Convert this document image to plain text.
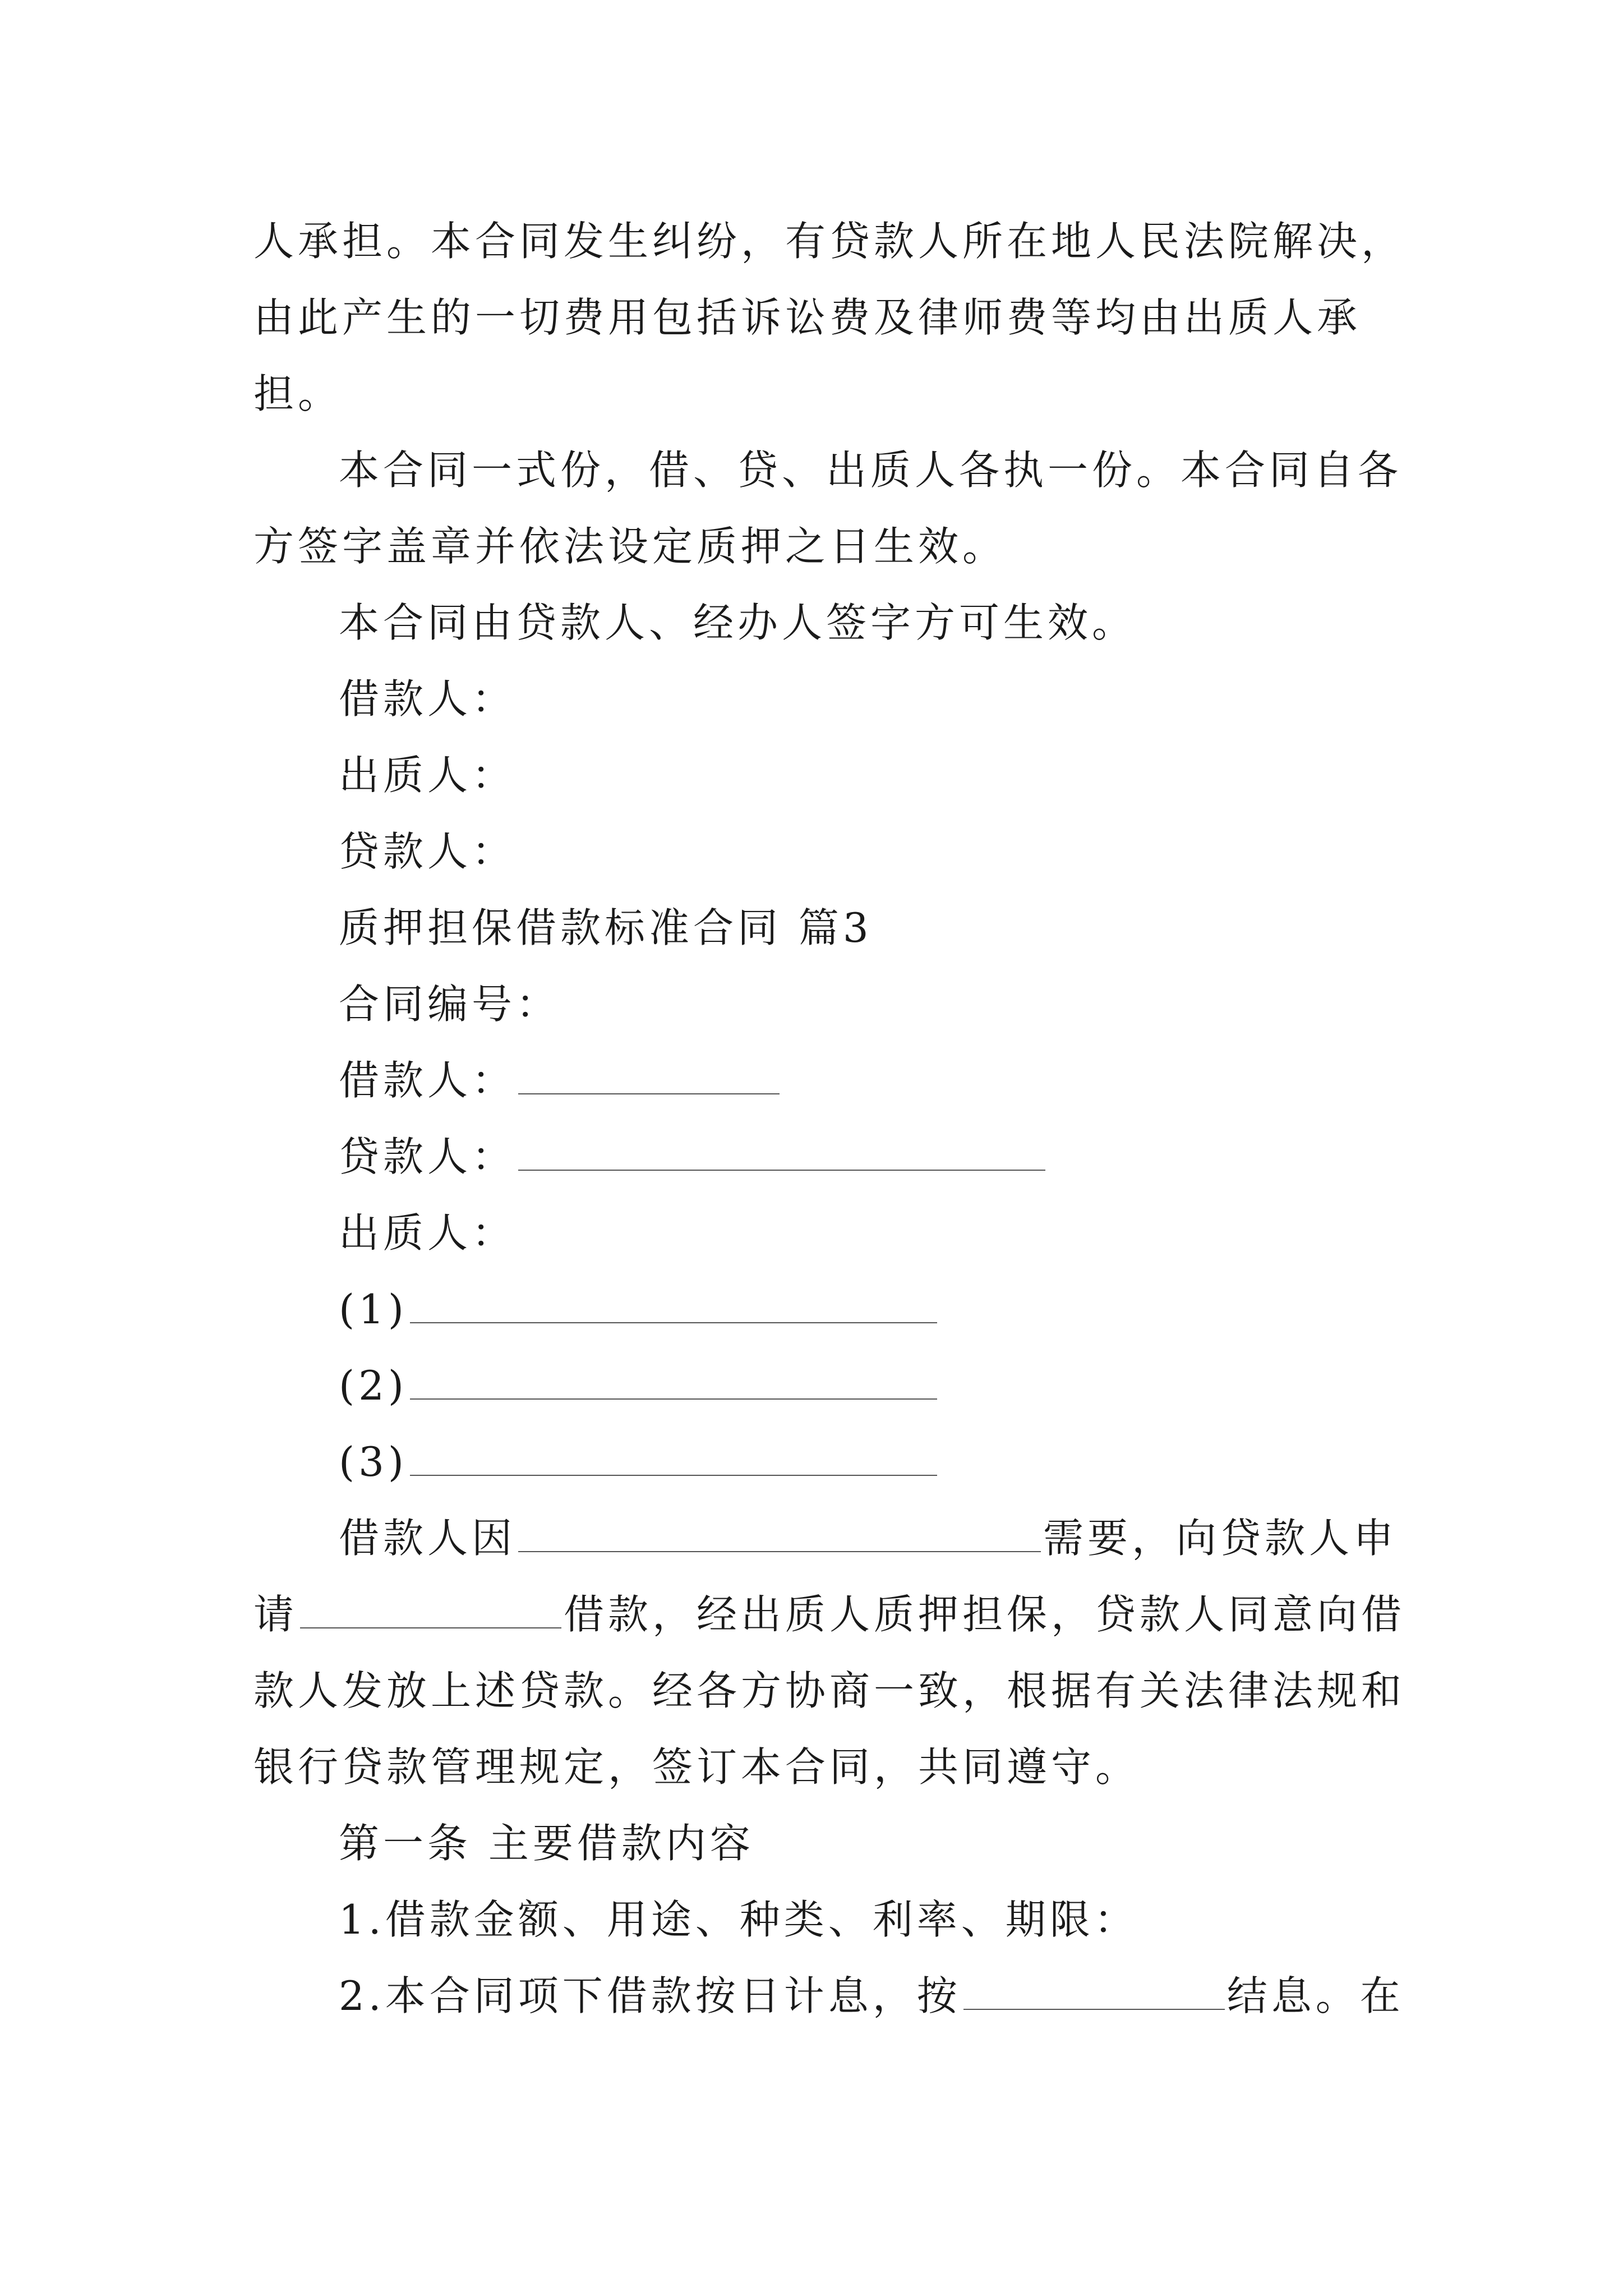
人承担。本合同发生纠纷，有贷款人所在地人民法院解决，
由此产生的一切费用包括诉讼费及律师费等均由出质人承
担。
本合同一式份，借、贷、出质人各执一份。本合同自各
方签字盖章并依法设定质押之日生效。
本合同由贷款人、经办人签字方可生效。
借款人：
出质人：
贷款人：
质押担保借款标准合同 篇3
合同编号：
借款人：
贷款人：
出质人：
(1)
(2)
(3)
借款人因	需要，向贷款人申
请	借款，经出质人质押担保，贷款人同意向借
款人发放上述贷款。经各方协商一致，根据有关法律法规和
银行贷款管理规定，签订本合同，共同遵守。
第一条 主要借款内容
1.借款金额、用途、种类、利率、期限：
2.本合同项下借款按日计息，按	结息。在
